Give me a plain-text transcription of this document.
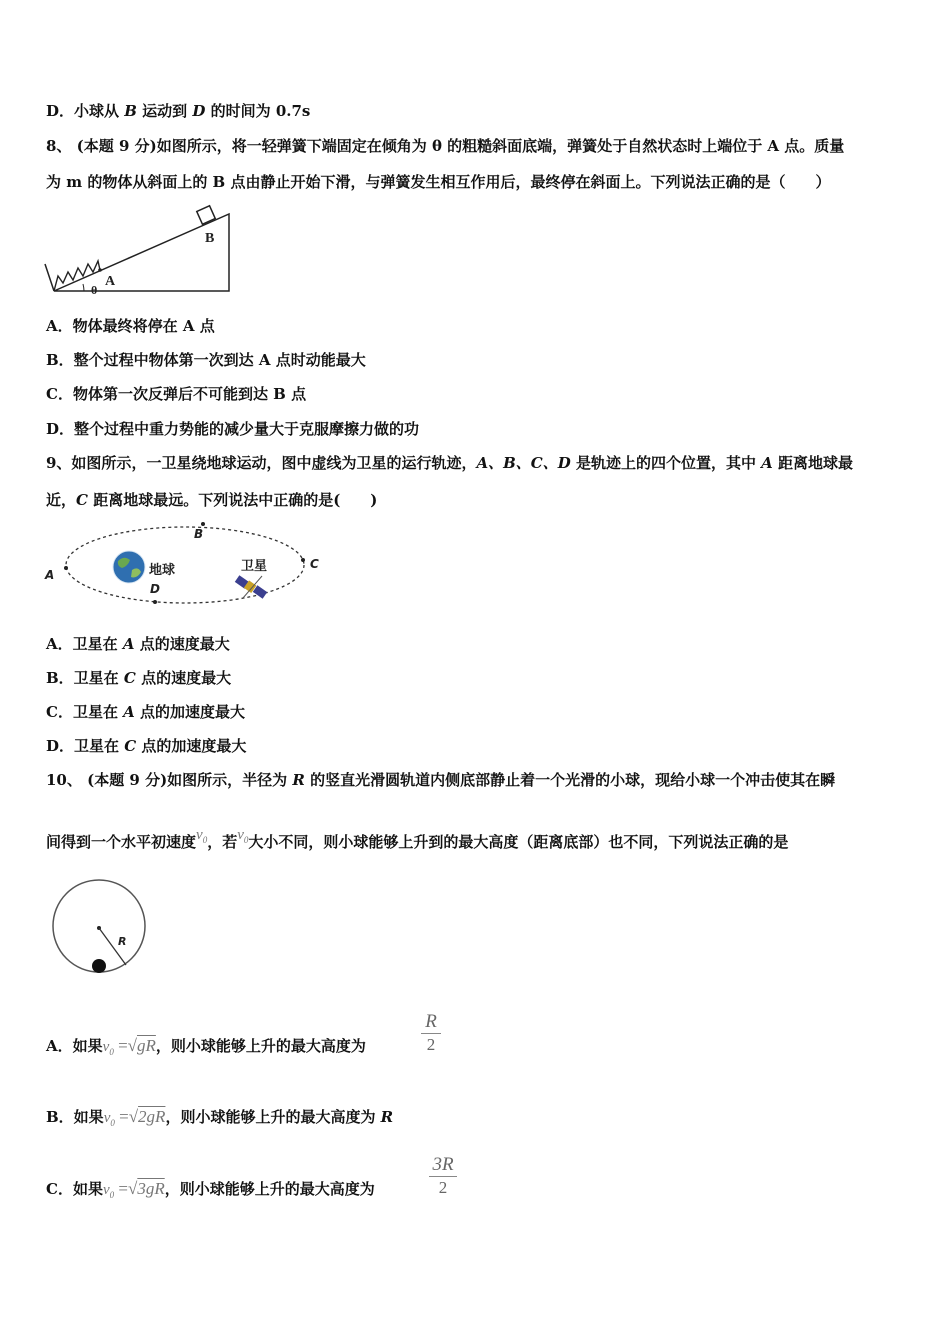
D．小球从 B 运动到 D 的时间为 0.7s
8、 (本题 9 分)如图所示，将一轻弹簧下端固定在倾角为 θ 的粗糙斜面底端，弹簧处于自然状态时上端位于 A 点。质量
为 m 的物体从斜面上的 B 点由静止开始下滑，与弹簧发生相互作用后，最终停在斜面上。下列说法正确的是（　　）
B
A
θ
A．物体最终将停在 A 点
B．整个过程中物体第一次到达 A 点时动能最大
C．物体第一次反弹后不可能到达 B 点
D．整个过程中重力势能的减少量大于克服摩擦力做的功
9、如图所示，一卫星绕地球运动，图中虚线为卫星的运行轨迹，A、B、C、D 是轨迹上的四个位置，其中 A 距离地球最
近，C 距离地球最远。下列说法中正确的是(　　)
A
B
C
D
地球	卫星
A．卫星在 A 点的速度最大
B．卫星在 C 点的速度最大
C．卫星在 A 点的加速度最大
D．卫星在 C 点的加速度最大
10、 (本题 9 分)如图所示，半径为 R 的竖直光滑圆轨道内侧底部静止着一个光滑的小球，现给小球一个冲击使其在瞬
间得到一个水平初速度$v_0$，若$v_0$大小不同，则小球能够上升到的最大高度（距离底部）也不同，下列说法正确的是
R
A．如果$v_0 =√gR$，则小球能够上升的最大高度为	$\frac{R}{2}$
B．如果$v_0 =√2gR$，则小球能够上升的最大高度为 R
C．如果$v_0 =√3gR$，则小球能够上升的最大高度为	$\frac{3R}{2}$
